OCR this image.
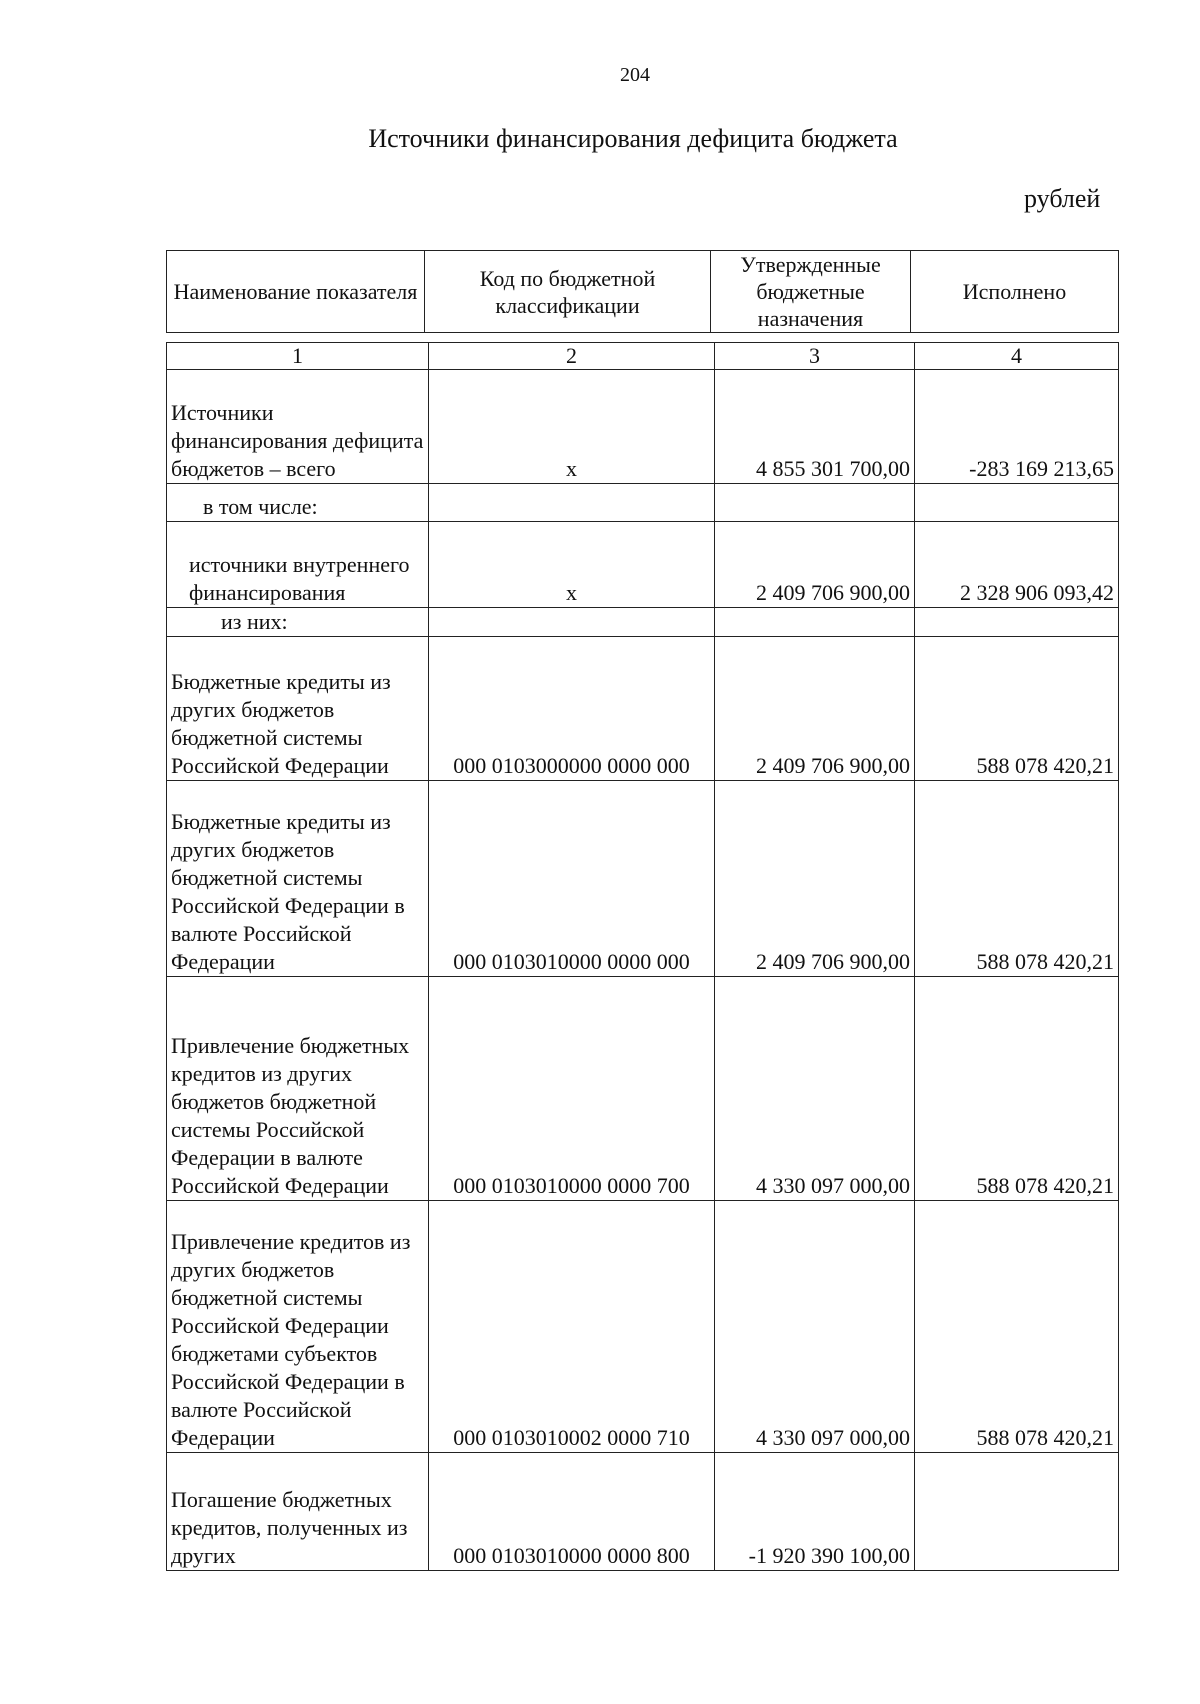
204
Источники финансирования дефицита бюджета
рублей
Наименование показателя	Код по бюджетной классификации	Утвержденные бюджетные назначения	Исполнено
1	2	3	4
Источники финансирования дефицита бюджетов – всего	x	4 855 301 700,00	-283 169 213,65
в том числе:			
источники внутреннего финансирования	x	2 409 706 900,00	2 328 906 093,42
из них:			
Бюджетные кредиты из других бюджетов бюджетной системы Российской Федерации	000 0103000000 0000 000	2 409 706 900,00	588 078 420,21
Бюджетные кредиты из других бюджетов бюджетной системы Российской Федерации в валюте Российской Федерации	000 0103010000 0000 000	2 409 706 900,00	588 078 420,21
Привлечение бюджетных кредитов из других бюджетов бюджетной системы Российской Федерации в валюте Российской Федерации	000 0103010000 0000 700	4 330 097 000,00	588 078 420,21
Привлечение кредитов из других бюджетов бюджетной системы Российской Федерации бюджетами субъектов Российской Федерации в валюте Российской Федерации	000 0103010002 0000 710	4 330 097 000,00	588 078 420,21
Погашение бюджетных кредитов, полученных из других	000 0103010000 0000 800	-1 920 390 100,00	
